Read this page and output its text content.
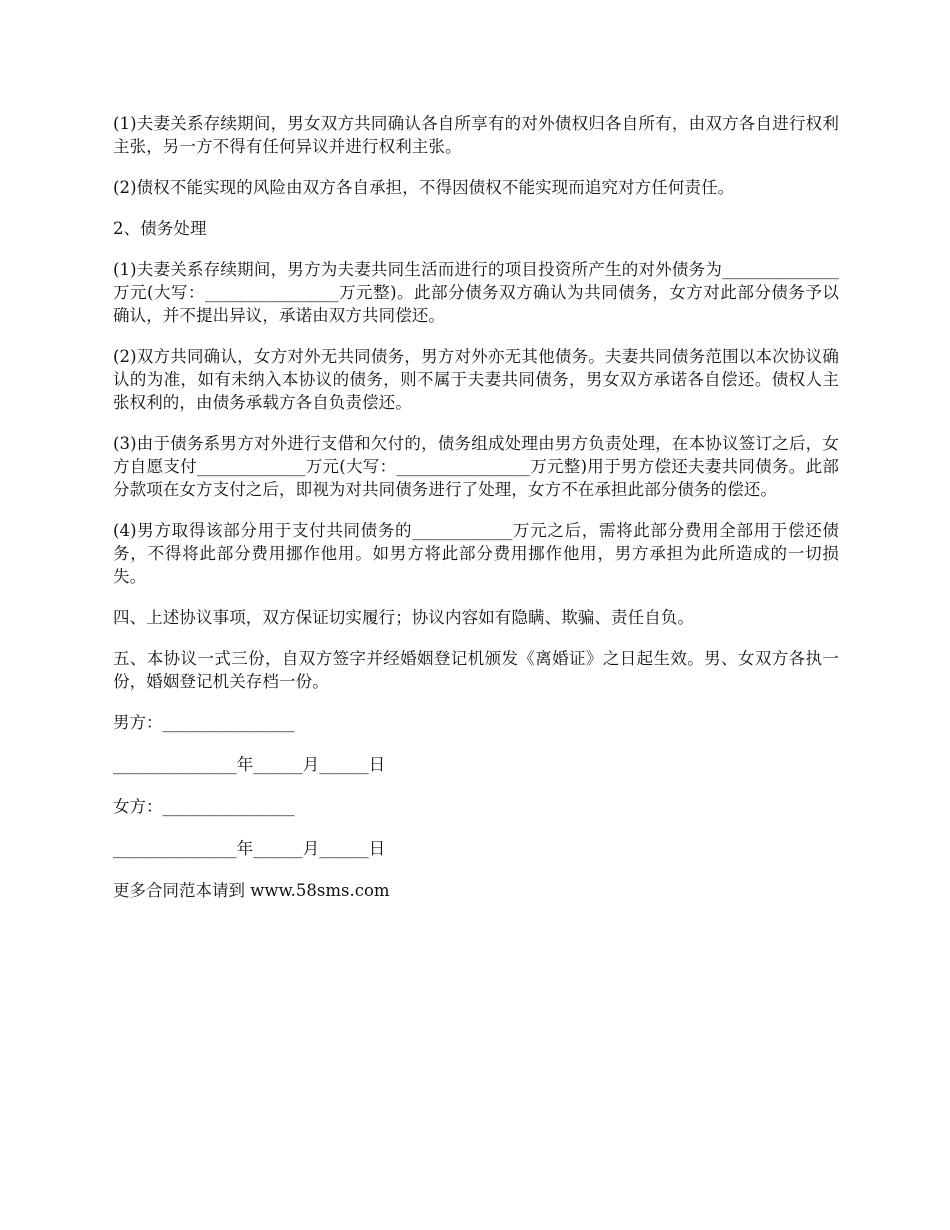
(1)夫妻关系存续期间，男女双方共同确认各自所享有的对外债权归各自所有，由双方各自进行权利主张，另一方不得有任何异议并进行权利主张。

(2)债权不能实现的风险由双方各自承担，不得因债权不能实现而追究对方任何责任。

2、债务处理

(1)夫妻关系存续期间，男方为夫妻共同生活而进行的项目投资所产生的对外债务为______________万元(大写：________________万元整)。此部分债务双方确认为共同债务，女方对此部分债务予以确认，并不提出异议，承诺由双方共同偿还。

(2)双方共同确认，女方对外无共同债务，男方对外亦无其他债务。夫妻共同债务范围以本次协议确认的为准，如有未纳入本协议的债务，则不属于夫妻共同债务，男女双方承诺各自偿还。债权人主张权利的，由债务承载方各自负责偿还。

(3)由于债务系男方对外进行支借和欠付的，债务组成处理由男方负责处理，在本协议签订之后，女方自愿支付_____________万元(大写：________________万元整)用于男方偿还夫妻共同债务。此部分款项在女方支付之后，即视为对共同债务进行了处理，女方不在承担此部分债务的偿还。

(4)男方取得该部分用于支付共同债务的____________万元之后，需将此部分费用全部用于偿还债务，不得将此部分费用挪作他用。如男方将此部分费用挪作他用，男方承担为此所造成的一切损失。

四、上述协议事项，双方保证切实履行；协议内容如有隐瞒、欺骗、责任自负。

五、本协议一式三份，自双方签字并经婚姻登记机颁发《离婚证》之日起生效。男、女双方各执一份，婚姻登记机关存档一份。

男方：________________

_______________年______月______日

女方：________________

_______________年______月______日

更多合同范本请到 www.58sms.com
